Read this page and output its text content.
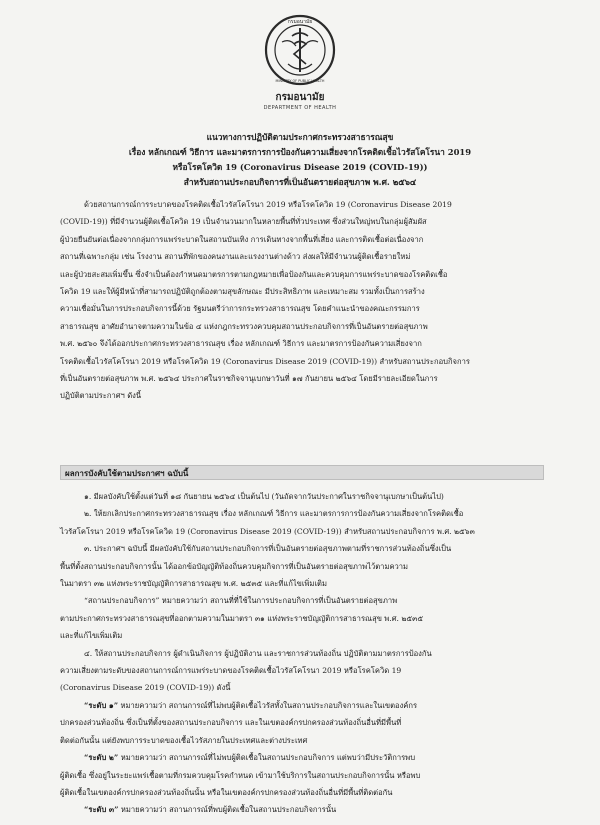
กรมอนามัย
MINISTRY OF PUBLIC HEALTH
กรมอนามัย
DEPARTMENT OF HEALTH
แนวทางการปฏิบัติตามประกาศกระทรวงสาธารณสุข
เรื่อง หลักเกณฑ์ วิธีการ และมาตรการการป้องกันความเสี่ยงจากโรคติดเชื้อไวรัสโคโรนา 2019
หรือโรคโควิด 19 (Coronavirus Disease 2019 (COVID-19))
สำหรับสถานประกอบกิจการที่เป็นอันตรายต่อสุขภาพ พ.ศ. ๒๕๖๔

ด้วยสถานการณ์การระบาดของโรคติดเชื้อไวรัสโคโรนา 2019 หรือโรคโควิด 19 (Coronavirus Disease 2019

(COVID-19)) ที่มีจำนวนผู้ติดเชื้อโควิด 19 เป็นจำนวนมากในหลายพื้นที่ทั่วประเทศ ซึ่งส่วนใหญ่พบในกลุ่มผู้สัมผัส

ผู้ป่วยยืนยันต่อเนื่องจากกลุ่มการแพร่ระบาดในสถานบันเทิง การเดินทางจากพื้นที่เสี่ยง และการติดเชื้อต่อเนื่องจาก

สถานที่เฉพาะกลุ่ม เช่น โรงงาน สถานที่พักของคนงานและแรงงานต่างด้าว ส่งผลให้มีจำนวนผู้ติดเชื้อรายใหม่

และผู้ป่วยสะสมเพิ่มขึ้น ซึ่งจำเป็นต้องกำหนดมาตรการตามกฎหมายเพื่อป้องกันและควบคุมการแพร่ระบาดของโรคติดเชื้อ

โควิด 19 และให้ผู้มีหน้าที่สามารถปฏิบัติถูกต้องตามสุขลักษณะ มีประสิทธิภาพ และเหมาะสม รวมทั้งเป็นการสร้าง

ความเชื่อมั่นในการประกอบกิจการนี้ด้วย รัฐมนตรีว่าการกระทรวงสาธารณสุข โดยคำแนะนำของคณะกรรมการ

สาธารณสุข อาศัยอำนาจตามความในข้อ ๔ แห่งกฎกระทรวงควบคุมสถานประกอบกิจการที่เป็นอันตรายต่อสุขภาพ

พ.ศ. ๒๕๖๐ จึงได้ออกประกาศกระทรวงสาธารณสุข เรื่อง หลักเกณฑ์ วิธีการ และมาตรการป้องกันความเสี่ยงจาก

โรคติดเชื้อไวรัสโคโรนา 2019 หรือโรคโควิด 19 (Coronavirus Disease 2019 (COVID-19)) สำหรับสถานประกอบกิจการ

ที่เป็นอันตรายต่อสุขภาพ พ.ศ. ๒๕๖๔ ประกาศในราชกิจจานุเบกษาวันที่ ๑๗ กันยายน ๒๕๖๔ โดยมีรายละเอียดในการ

ปฏิบัติตามประกาศฯ ดังนี้

ผลการบังคับใช้ตามประกาศฯ ฉบับนี้

๑. มีผลบังคับใช้ตั้งแต่วันที่ ๑๘ กันยายน ๒๕๖๔ เป็นต้นไป (วันถัดจากวันประกาศในราชกิจจานุเบกษาเป็นต้นไป)

๒. ให้ยกเลิกประกาศกระทรวงสาธารณสุข เรื่อง หลักเกณฑ์ วิธีการ และมาตรการการป้องกันความเสี่ยงจากโรคติดเชื้อ

ไวรัสโคโรนา 2019 หรือโรคโควิด 19 (Coronavirus Disease 2019 (COVID-19)) สำหรับสถานประกอบกิจการ พ.ศ. ๒๕๖๓

๓. ประกาศฯ ฉบับนี้ มีผลบังคับใช้กับสถานประกอบกิจการที่เป็นอันตรายต่อสุขภาพตามที่ราชการส่วนท้องถิ่นซึ่งเป็น

พื้นที่ตั้งสถานประกอบกิจการนั้น ได้ออกข้อบัญญัติท้องถิ่นควบคุมกิจการที่เป็นอันตรายต่อสุขภาพไว้ตามความ

ในมาตรา ๓๒ แห่งพระราชบัญญัติการสาธารณสุข พ.ศ. ๒๕๓๕ และที่แก้ไขเพิ่มเติม

“สถานประกอบกิจการ” หมายความว่า สถานที่ที่ใช้ในการประกอบกิจการที่เป็นอันตรายต่อสุขภาพ

ตามประกาศกระทรวงสาธารณสุขที่ออกตามความในมาตรา ๓๑ แห่งพระราชบัญญัติการสาธารณสุข พ.ศ. ๒๕๓๕

และที่แก้ไขเพิ่มเติม

๔. ให้สถานประกอบกิจการ ผู้ดำเนินกิจการ ผู้ปฏิบัติงาน และราชการส่วนท้องถิ่น ปฏิบัติตามมาตรการป้องกัน

ความเสี่ยงตามระดับของสถานการณ์การแพร่ระบาดของโรคติดเชื้อไวรัสโคโรนา 2019 หรือโรคโควิด 19

(Coronavirus Disease 2019 (COVID-19)) ดังนี้

“ระดับ ๑” หมายความว่า สถานการณ์ที่ไม่พบผู้ติดเชื้อไวรัสทั้งในสถานประกอบกิจการและในเขตองค์กร

ปกครองส่วนท้องถิ่น ซึ่งเป็นที่ตั้งของสถานประกอบกิจการ และในเขตองค์กรปกครองส่วนท้องถิ่นอื่นที่มีพื้นที่

ติดต่อกันนั้น แต่ยังพบการระบาดของเชื้อไวรัสภายในประเทศและต่างประเทศ

“ระดับ ๒” หมายความว่า สถานการณ์ที่ไม่พบผู้ติดเชื้อในสถานประกอบกิจการ แต่พบว่ามีประวัติการพบ

ผู้ติดเชื้อ ซึ่งอยู่ในระยะแพร่เชื้อตามที่กรมควบคุมโรคกำหนด เข้ามาใช้บริการในสถานประกอบกิจการนั้น หรือพบ

ผู้ติดเชื้อในเขตองค์กรปกครองส่วนท้องถิ่นนั้น หรือในเขตองค์กรปกครองส่วนท้องถิ่นอื่นที่มีพื้นที่ติดต่อกัน

“ระดับ ๓” หมายความว่า สถานการณ์ที่พบผู้ติดเชื้อในสถานประกอบกิจการนั้น
